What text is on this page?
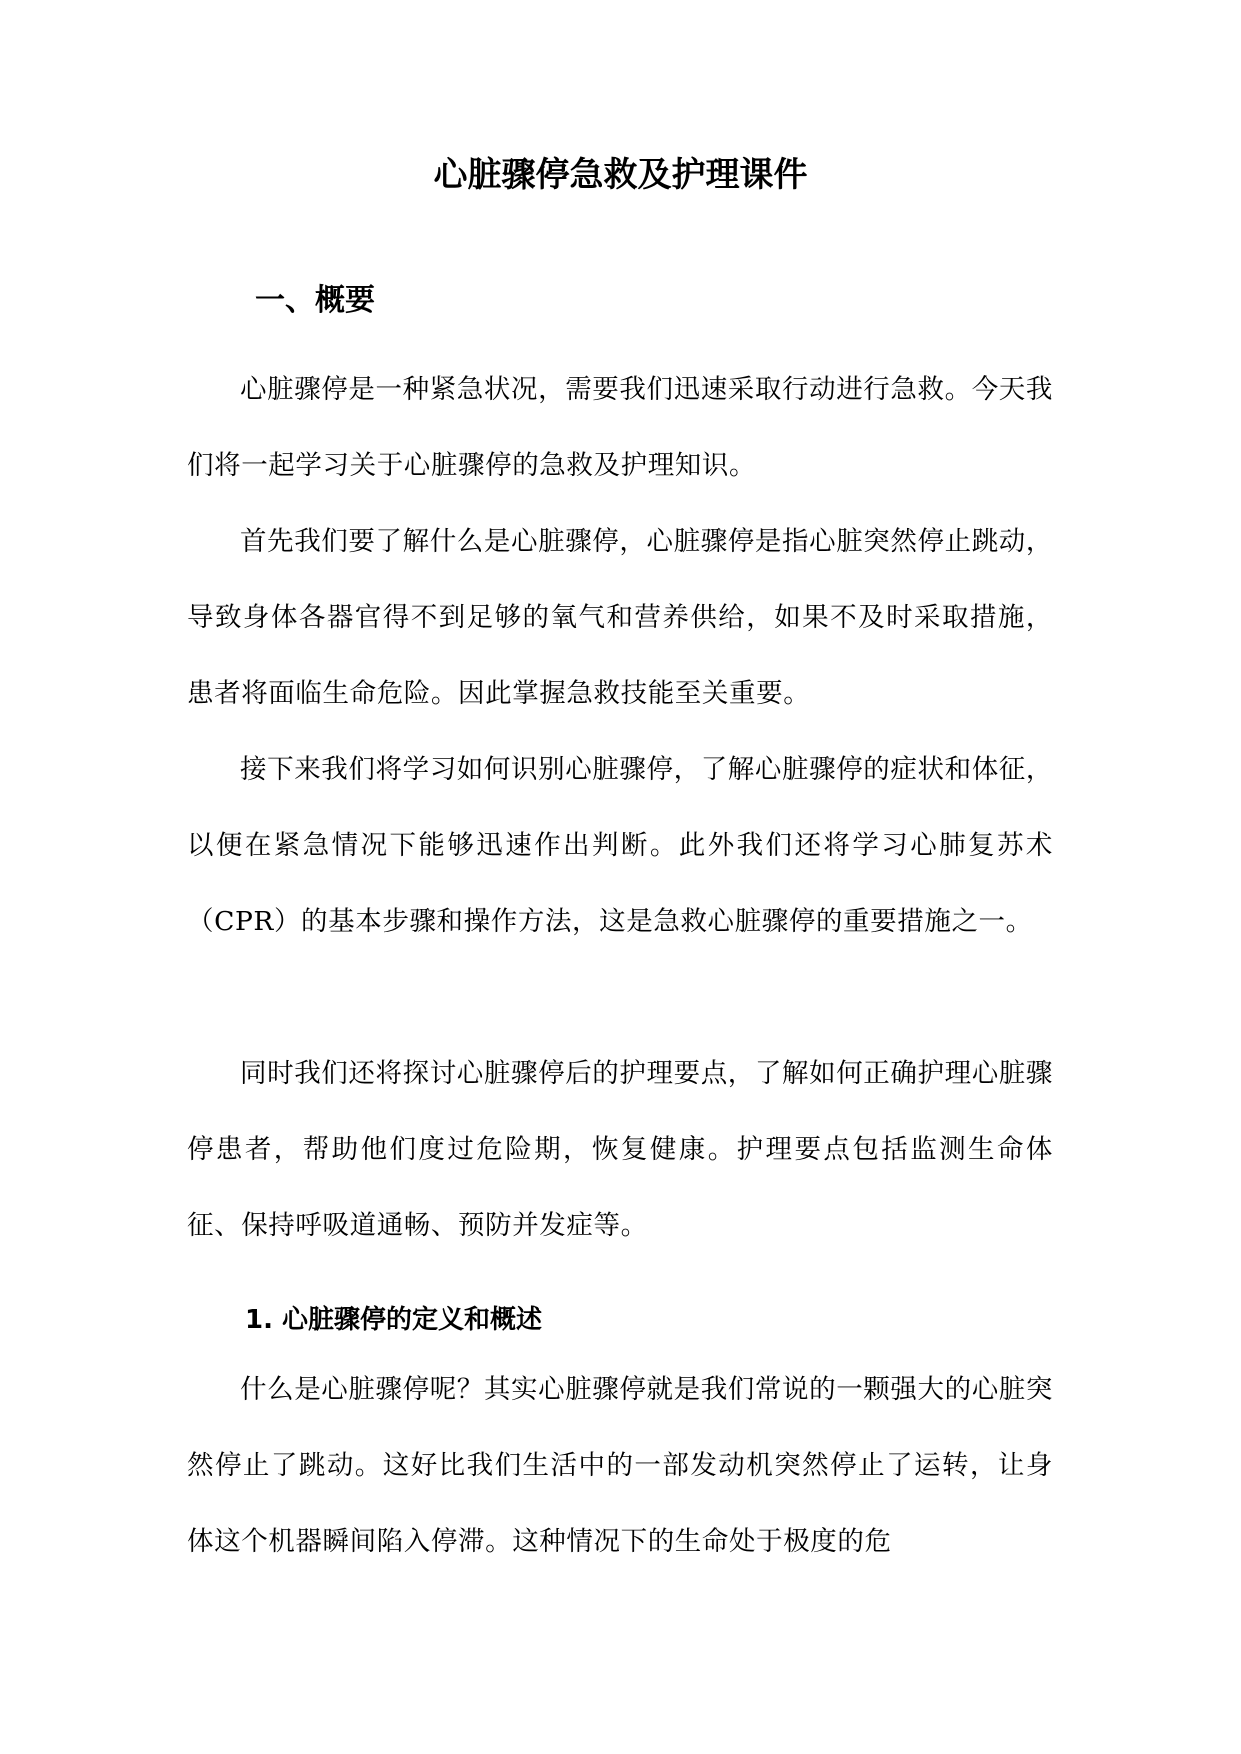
心脏骤停急救及护理课件
一、概要

心脏骤停是一种紧急状况，需要我们迅速采取行动进行急救。今天我们将一起学习关于心脏骤停的急救及护理知识。

首先我们要了解什么是心脏骤停，心脏骤停是指心脏突然停止跳动，导致身体各器官得不到足够的氧气和营养供给，如果不及时采取措施，患者将面临生命危险。因此掌握急救技能至关重要。

接下来我们将学习如何识别心脏骤停，了解心脏骤停的症状和体征，以便在紧急情况下能够迅速作出判断。此外我们还将学习心肺复苏术（CPR）的基本步骤和操作方法，这是急救心脏骤停的重要措施之一。

同时我们还将探讨心脏骤停后的护理要点，了解如何正确护理心脏骤停患者，帮助他们度过危险期，恢复健康。护理要点包括监测生命体征、保持呼吸道通畅、预防并发症等。

1. 心脏骤停的定义和概述

什么是心脏骤停呢？其实心脏骤停就是我们常说的一颗强大的心脏突然停止了跳动。这好比我们生活中的一部发动机突然停止了运转，让身体这个机器瞬间陷入停滞。这种情况下的生命处于极度的危
